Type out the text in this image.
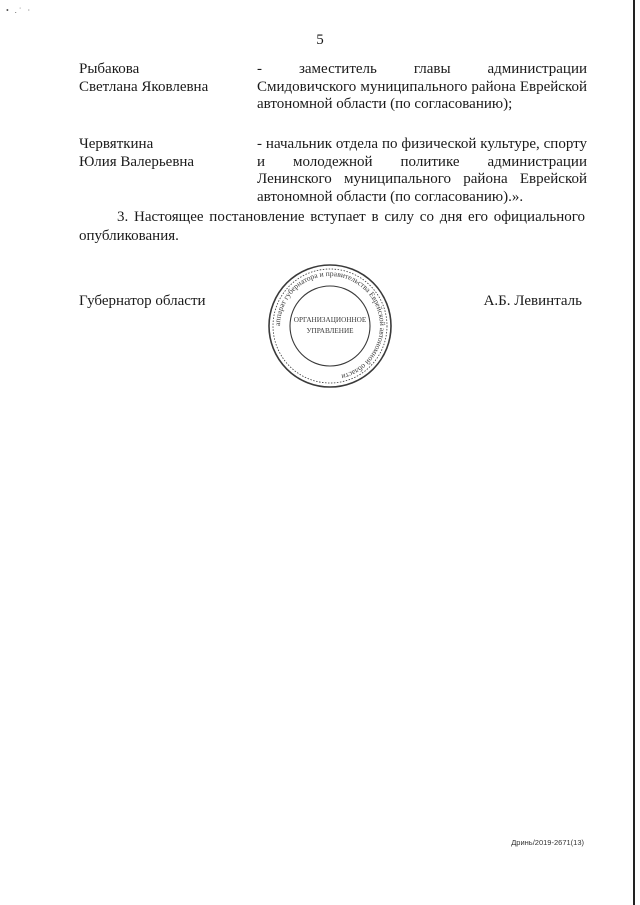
• .˙ ·
5
Рыбакова
Светлана Яковлевна
- заместитель главы администрации Смидовичского муниципального района Еврейской автономной области (по согласованию);
Червяткина
Юлия Валерьевна
- начальник отдела по физической культуре, спорту и молодежной политике администрации Ленинского муниципального района Еврейской автономной области (по согласованию).».
3. Настоящее постановление вступает в силу со дня его официального опубликования.
Губернатор области	А.Б. Левинталь
аппарат губернатора и правительства Еврейской автономной области
ОРГАНИЗАЦИОННОЕ
УПРАВЛЕНИЕ
Дринь/2019-2671(13)
